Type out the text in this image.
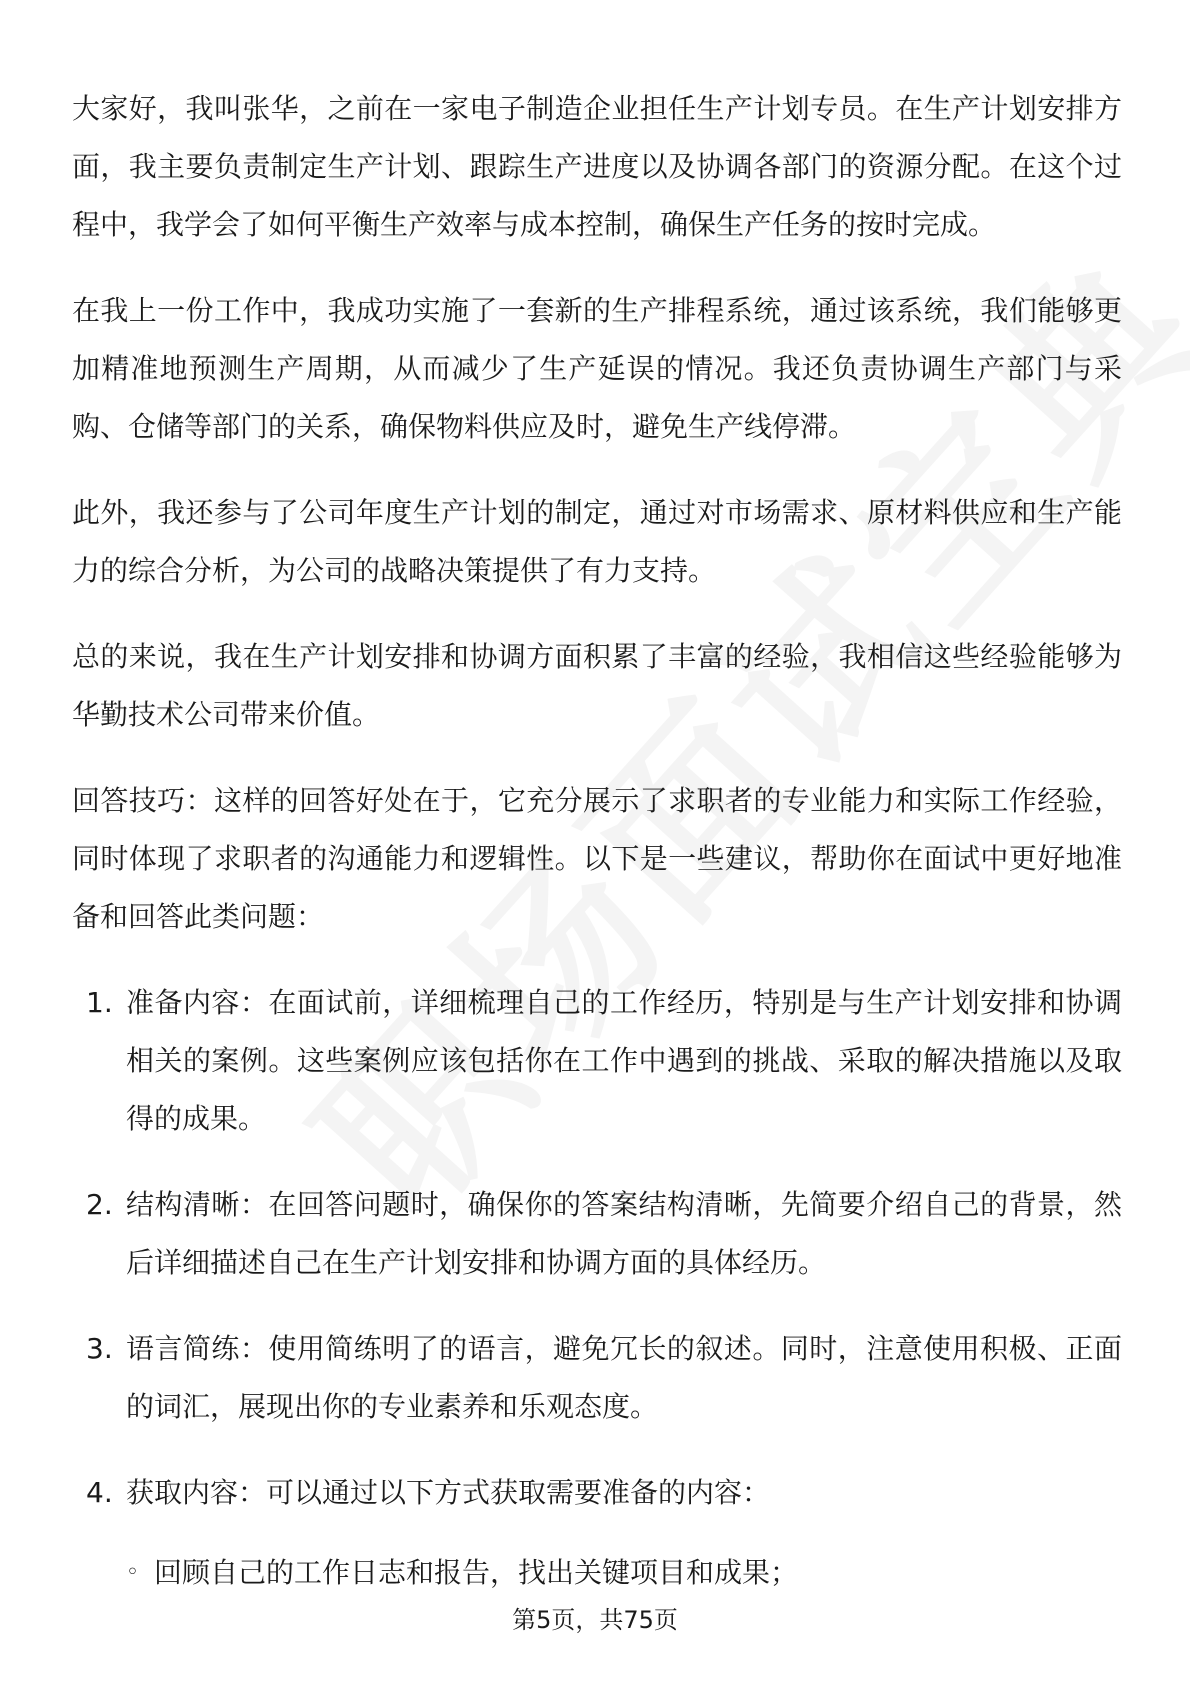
大家好，我叫张华，之前在一家电子制造企业担任生产计划专员。在生产计划安排方面，我主要负责制定生产计划、跟踪生产进度以及协调各部门的资源分配。在这个过程中，我学会了如何平衡生产效率与成本控制，确保生产任务的按时完成。

在我上一份工作中，我成功实施了一套新的生产排程系统，通过该系统，我们能够更加精准地预测生产周期，从而减少了生产延误的情况。我还负责协调生产部门与采购、仓储等部门的关系，确保物料供应及时，避免生产线停滞。

此外，我还参与了公司年度生产计划的制定，通过对市场需求、原材料供应和生产能力的综合分析，为公司的战略决策提供了有力支持。

总的来说，我在生产计划安排和协调方面积累了丰富的经验，我相信这些经验能够为华勤技术公司带来价值。

回答技巧：这样的回答好处在于，它充分展示了求职者的专业能力和实际工作经验，同时体现了求职者的沟通能力和逻辑性。以下是一些建议，帮助你在面试中更好地准备和回答此类问题：

1. 准备内容：在面试前，详细梳理自己的工作经历，特别是与生产计划安排和协调相关的案例。这些案例应该包括你在工作中遇到的挑战、采取的解决措施以及取得的成果。
2. 结构清晰：在回答问题时，确保你的答案结构清晰，先简要介绍自己的背景，然后详细描述自己在生产计划安排和协调方面的具体经历。
3. 语言简练：使用简练明了的语言，避免冗长的叙述。同时，注意使用积极、正面的词汇，展现出你的专业素养和乐观态度。
4. 获取内容：可以通过以下方式获取需要准备的内容：
◦ 回顾自己的工作日志和报告，找出关键项目和成果；
第5页，共75页
